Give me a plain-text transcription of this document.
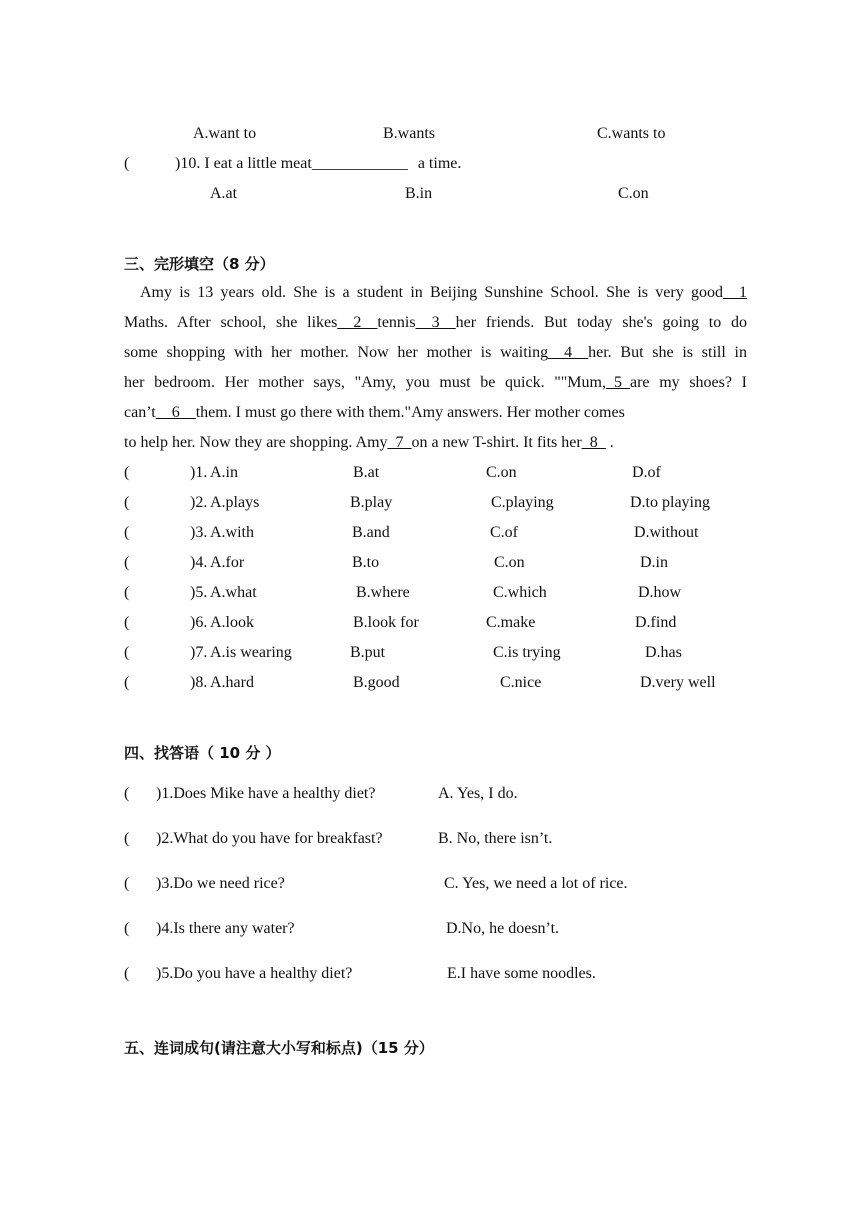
A.want to	B.wants	C.wants to
(	)10. I eat a little meat____________ a time.
A.at	B.in	C.on
三、完形填空（8 分）
Amy is 13 years old. She is a student in Beijing Sunshine School. She is very good__1
Maths. After school, she likes__2__tennis__3__her friends. But today she's going to do
some shopping with her mother. Now her mother is waiting__4__her. But she is still in
her bedroom. Her mother says, "Amy, you must be quick. ""Mum,_5_are my shoes? I
can’t__6__them. I must go there with them."Amy answers. Her mother comes
to help her. Now they are shopping. Amy_7_on a new T-shirt. It fits her_8_ .
(	)1. A.in	B.at	C.on	D.of
(	)2. A.plays	B.play	C.playing	D.to playing
(	)3. A.with	B.and	C.of	D.without
(	)4. A.for	B.to	C.on	D.in
(	)5. A.what	B.where	C.which	D.how
(	)6. A.look	B.look for	C.make	D.find
(	)7. A.is wearing	B.put	C.is trying	D.has
(	)8. A.hard	B.good	C.nice	D.very well
四、找答语（ 10 分 ）
( )1.Does Mike have a healthy diet?	A. Yes, I do.
( )2.What do you have for breakfast?	B. No, there isn’t.
( )3.Do we need rice?	C. Yes, we need a lot of rice.
( )4.Is there any water?	D.No, he doesn’t.
( )5.Do you have a healthy diet?	E.I have some noodles.
五、连词成句(请注意大小写和标点)（15 分）
